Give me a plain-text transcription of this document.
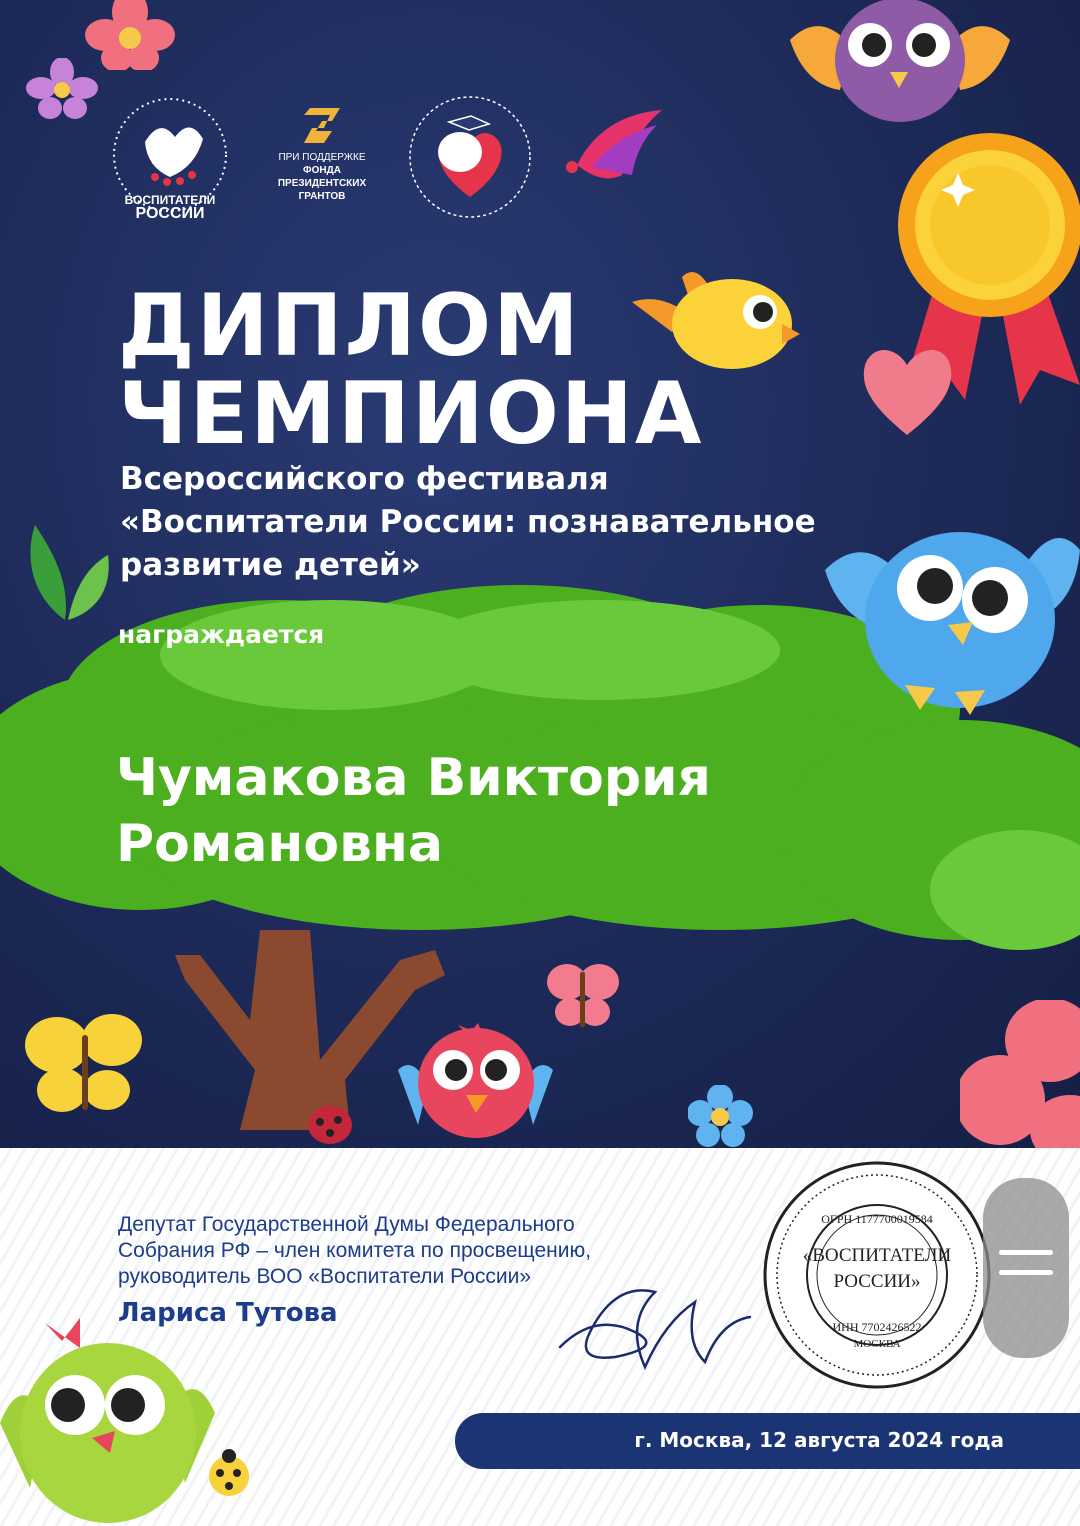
ВОСПИТАТЕЛИ
РОССИИ
ПРИ ПОДДЕРЖКЕ
ФОНДА
ПРЕЗИДЕНТСКИХ
ГРАНТОВ
ДИПЛОМ
ЧЕМПИОНА
Всероссийского фестиваля
«Воспитатели России: познавательное
развитие детей»
награждается
Чумакова Виктория
Романовна
Депутат Государственной Думы Федерального
Собрания РФ – член комитета по просвещению,
руководитель ВОО «Воспитатели России»
Лариса Тутова
«ВОСПИТАТЕЛИ
РОССИИ»
ОГРН 1177700019584
ИНН 7702426522
МОСКВА
г. Москва, 12 августа 2024 года
